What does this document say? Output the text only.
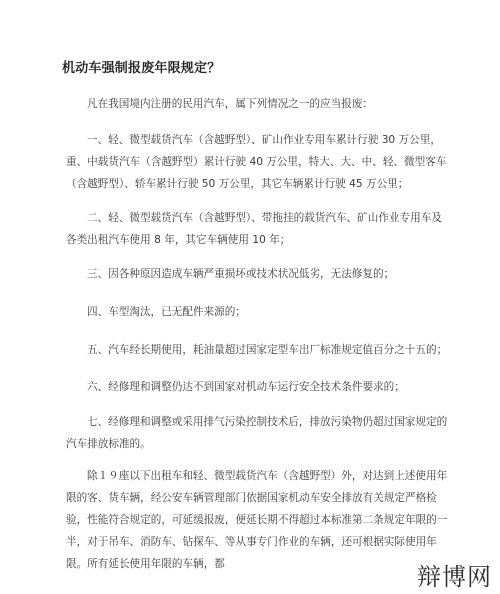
机动车强制报废年限规定？

凡在我国境内注册的民用汽车，属下列情况之一的应当报废：

一、轻、微型载货汽车（含越野型）、矿山作业专用车累计行驶 30 万公里，重、中载货汽车（含越野型）累计行驶 40 万公里，特大、大、中、轻、微型客车（含越野型）、轿车累计行驶 50 万公里，其它车辆累计行驶 45 万公里；

二、轻、微型载货汽车（含越野型）、带拖挂的载货汽车、矿山作业专用车及各类出租汽车使用 8 年，其它车辆使用 10 年；

三、因各种原因造成车辆严重损坏或技术状况低劣，无法修复的；

四、车型淘汰，已无配件来源的；

五、汽车经长期使用，耗油量超过国家定型车出厂标准规定值百分之十五的；

六、经修理和调整仍达不到国家对机动车运行安全技术条件要求的；

七、经修理和调整或采用排气污染控制技术后，排放污染物仍超过国家规定的汽车排放标准的。

除１９座以下出租车和轻、微型载货汽车（含越野型）外，对达到上述使用年限的客、货车辆，经公安车辆管理部门依据国家机动车安全排放有关规定严格检验，性能符合规定的，可延缓报废，便延长期不得超过本标准第二条规定年限的一半，对于吊车、消防车、钻探车、等从事专门作业的车辆，还可根据实际使用年限。所有延长使用年限的车辆，都	辩博网
